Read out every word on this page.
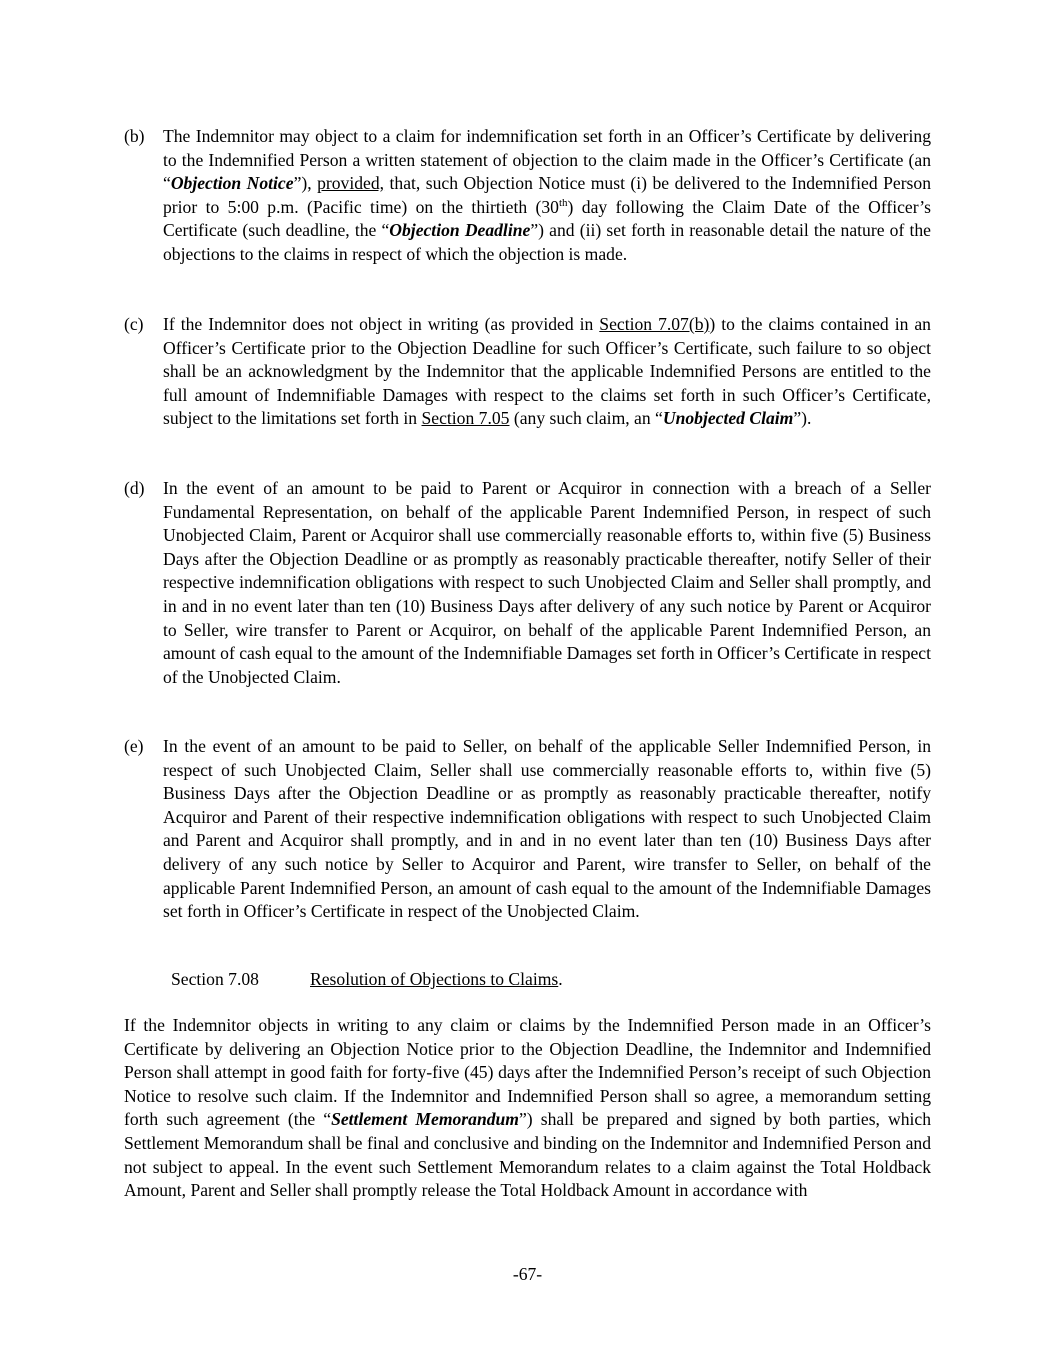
(b)	The Indemnitor may object to a claim for indemnification set forth in an Officer’s Certificate by delivering to the Indemnified Person a written statement of objection to the claim made in the Officer’s Certificate (an “Objection Notice”), provided, that, such Objection Notice must (i) be delivered to the Indemnified Person prior to 5:00 p.m. (Pacific time) on the thirtieth (30th) day following the Claim Date of the Officer’s Certificate (such deadline, the “Objection Deadline”) and (ii) set forth in reasonable detail the nature of the objections to the claims in respect of which the objection is made.
(c)	If the Indemnitor does not object in writing (as provided in Section 7.07(b)) to the claims contained in an Officer’s Certificate prior to the Objection Deadline for such Officer’s Certificate, such failure to so object shall be an acknowledgment by the Indemnitor that the applicable Indemnified Persons are entitled to the full amount of Indemnifiable Damages with respect to the claims set forth in such Officer’s Certificate, subject to the limitations set forth in Section 7.05 (any such claim, an “Unobjected Claim”).
(d)	In the event of an amount to be paid to Parent or Acquiror in connection with a breach of a Seller Fundamental Representation, on behalf of the applicable Parent Indemnified Person, in respect of such Unobjected Claim, Parent or Acquiror shall use commercially reasonable efforts to, within five (5) Business Days after the Objection Deadline or as promptly as reasonably practicable thereafter, notify Seller of their respective indemnification obligations with respect to such Unobjected Claim and Seller shall promptly, and in and in no event later than ten (10) Business Days after delivery of any such notice by Parent or Acquiror to Seller, wire transfer to Parent or Acquiror, on behalf of the applicable Parent Indemnified Person, an amount of cash equal to the amount of the Indemnifiable Damages set forth in Officer’s Certificate in respect of the Unobjected Claim.
(e)	In the event of an amount to be paid to Seller, on behalf of the applicable Seller Indemnified Person, in respect of such Unobjected Claim, Seller shall use commercially reasonable efforts to, within five (5) Business Days after the Objection Deadline or as promptly as reasonably practicable thereafter, notify Acquiror and Parent of their respective indemnification obligations with respect to such Unobjected Claim and Parent and Acquiror shall promptly, and in and in no event later than ten (10) Business Days after delivery of any such notice by Seller to Acquiror and Parent, wire transfer to Seller, on behalf of the applicable Parent Indemnified Person, an amount of cash equal to the amount of the Indemnifiable Damages set forth in Officer’s Certificate in respect of the Unobjected Claim.
Section 7.08	Resolution of Objections to Claims.
If the Indemnitor objects in writing to any claim or claims by the Indemnified Person made in an Officer’s Certificate by delivering an Objection Notice prior to the Objection Deadline, the Indemnitor and Indemnified Person shall attempt in good faith for forty-five (45) days after the Indemnified Person’s receipt of such Objection Notice to resolve such claim. If the Indemnitor and Indemnified Person shall so agree, a memorandum setting forth such agreement (the “Settlement Memorandum”) shall be prepared and signed by both parties, which Settlement Memorandum shall be final and conclusive and binding on the Indemnitor and Indemnified Person and not subject to appeal. In the event such Settlement Memorandum relates to a claim against the Total Holdback Amount, Parent and Seller shall promptly release the Total Holdback Amount in accordance with
-67-
